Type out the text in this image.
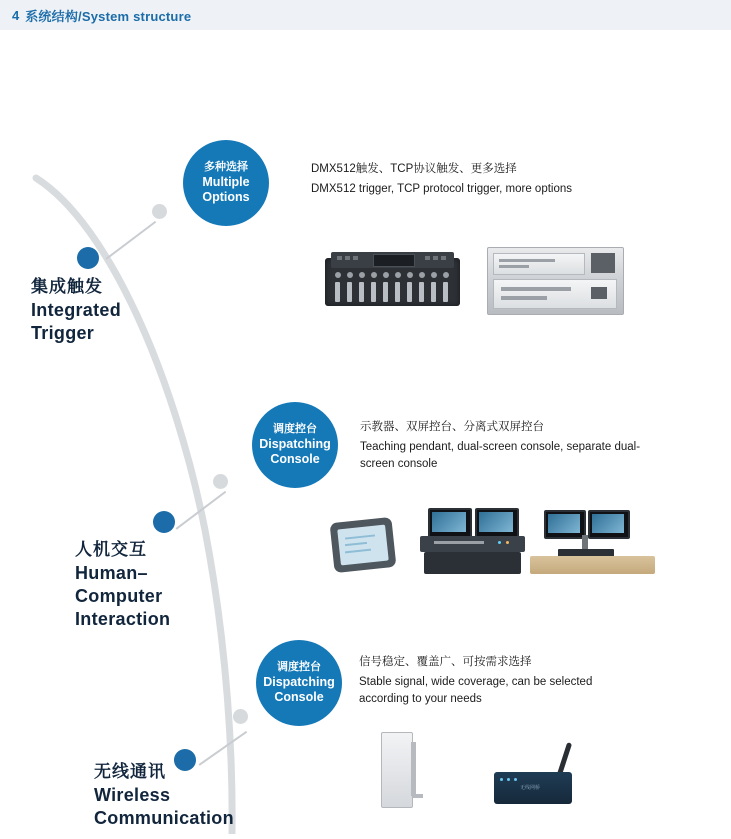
4 系统结构/System structure
多种选择
Multiple
Options
集成触发
Integrated
Trigger
DMX512触发、TCP协议触发、更多选择
DMX512 trigger, TCP protocol trigger, more options
调度控台
Dispatching
Console
人机交互
Human–Computer
Interaction
示教器、双屏控台、分离式双屏控台
Teaching pendant, dual-screen console, separate dual- screen console
调度控台
Dispatching
Console
无线通讯
Wireless
Communication
信号稳定、覆盖广、可按需求选择
Stable signal, wide coverage, can be selected according to your needs
无线网桥
